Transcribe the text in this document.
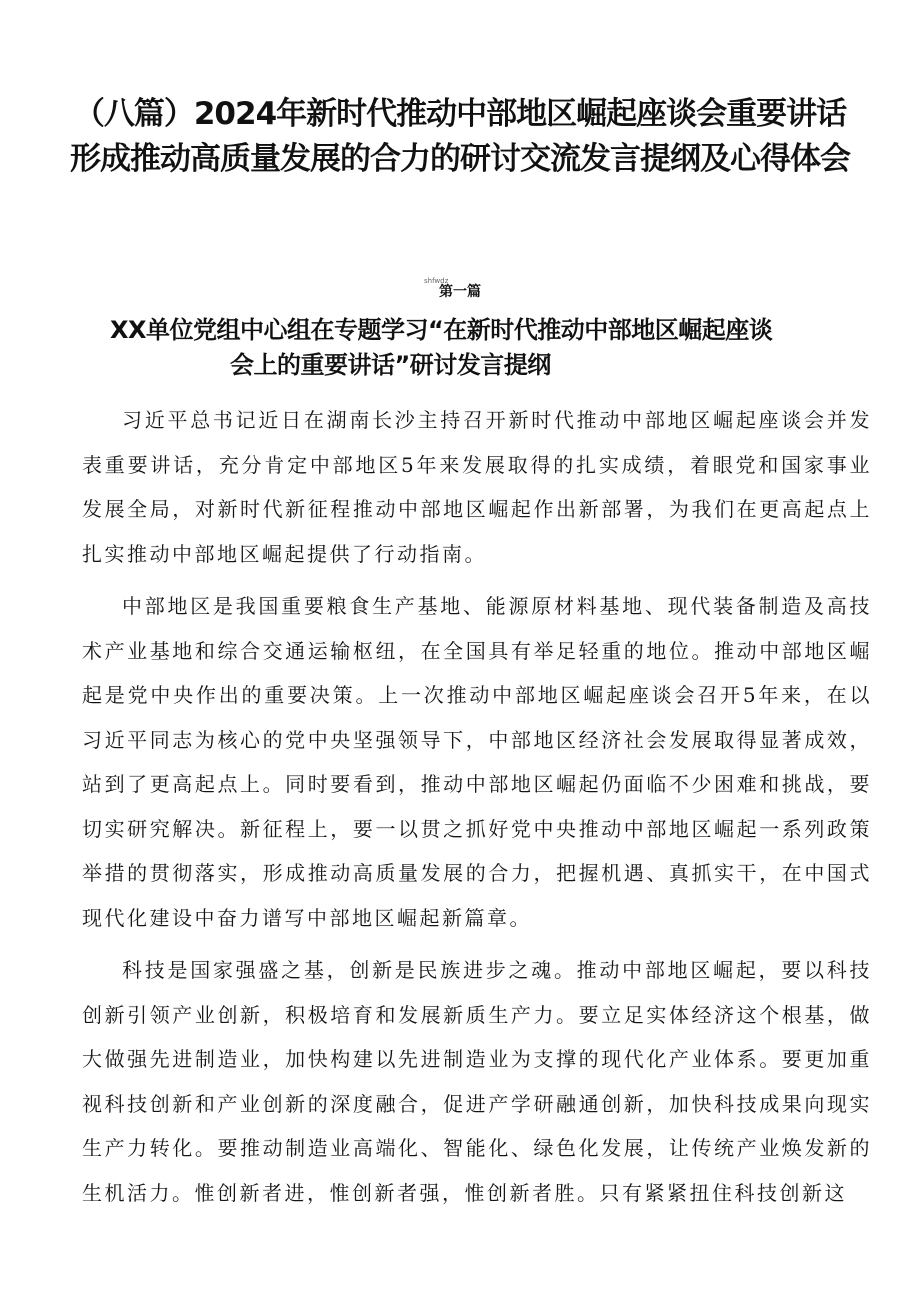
（八篇）2024年新时代推动中部地区崛起座谈会重要讲话形成推动高质量发展的合力的研讨交流发言提纲及心得体会
shfwdz
第一篇
XX单位党组中心组在专题学习“在新时代推动中部地区崛起座谈
会上的重要讲话”研讨发言提纲

习近平总书记近日在湖南长沙主持召开新时代推动中部地区崛起座谈会并发表重要讲话，充分肯定中部地区5年来发展取得的扎实成绩，着眼党和国家事业发展全局，对新时代新征程推动中部地区崛起作出新部署，为我们在更高起点上扎实推动中部地区崛起提供了行动指南。

中部地区是我国重要粮食生产基地、能源原材料基地、现代装备制造及高技术产业基地和综合交通运输枢纽，在全国具有举足轻重的地位。推动中部地区崛起是党中央作出的重要决策。上一次推动中部地区崛起座谈会召开5年来，在以习近平同志为核心的党中央坚强领导下，中部地区经济社会发展取得显著成效，站到了更高起点上。同时要看到，推动中部地区崛起仍面临不少困难和挑战，要切实研究解决。新征程上，要一以贯之抓好党中央推动中部地区崛起一系列政策举措的贯彻落实，形成推动高质量发展的合力，把握机遇、真抓实干，在中国式现代化建设中奋力谱写中部地区崛起新篇章。

科技是国家强盛之基，创新是民族进步之魂。推动中部地区崛起，要以科技创新引领产业创新，积极培育和发展新质生产力。要立足实体经济这个根基，做大做强先进制造业，加快构建以先进制造业为支撑的现代化产业体系。要更加重视科技创新和产业创新的深度融合，促进产学研融通创新，加快科技成果向现实生产力转化。要推动制造业高端化、智能化、绿色化发展，让传统产业焕发新的生机活力。惟创新者进，惟创新者强，惟创新者胜。只有紧紧扭住科技创新这
